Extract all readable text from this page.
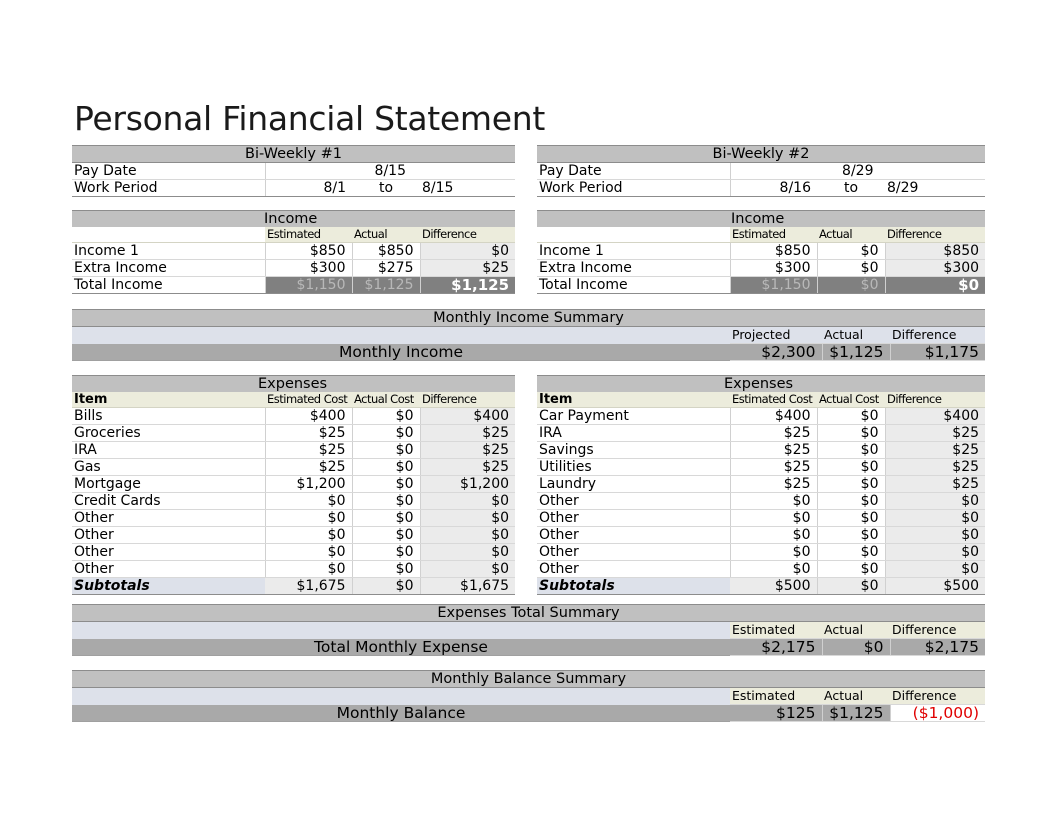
Personal Financial Statement
Bi-Weekly #1			
Pay Date	8/15		
Work Period	8/1	to	8/15
Bi-Weekly #2			
Pay Date	8/29		
Work Period	8/16	to	8/29
Income			
	Estimated	Actual	Difference
Income 1	$850	$850	$0
Extra Income	$300	$275	$25
Total Income	$1,150	$1,125	$1,125
Income			
	Estimated	Actual	Difference
Income 1	$850	$0	$850
Extra Income	$300	$0	$300
Total Income	$1,150	$0	$0
Monthly Income Summary			
	Projected	Actual	Difference
Monthly Income	$2,300	$1,125	$1,175
Expenses			
Item	Estimated Cost	Actual Cost	Difference
Bills	$400	$0	$400
Groceries	$25	$0	$25
IRA	$25	$0	$25
Gas	$25	$0	$25
Mortgage	$1,200	$0	$1,200
Credit Cards	$0	$0	$0
Other	$0	$0	$0
Other	$0	$0	$0
Other	$0	$0	$0
Other	$0	$0	$0
Subtotals	$1,675	$0	$1,675
Expenses			
Item	Estimated Cost	Actual Cost	Difference
Car Payment	$400	$0	$400
IRA	$25	$0	$25
Savings	$25	$0	$25
Utilities	$25	$0	$25
Laundry	$25	$0	$25
Other	$0	$0	$0
Other	$0	$0	$0
Other	$0	$0	$0
Other	$0	$0	$0
Other	$0	$0	$0
Subtotals	$500	$0	$500
Expenses Total Summary			
	Estimated	Actual	Difference
Total Monthly Expense	$2,175	$0	$2,175
Monthly Balance Summary			
	Estimated	Actual	Difference
Monthly Balance	$125	$1,125	($1,000)
